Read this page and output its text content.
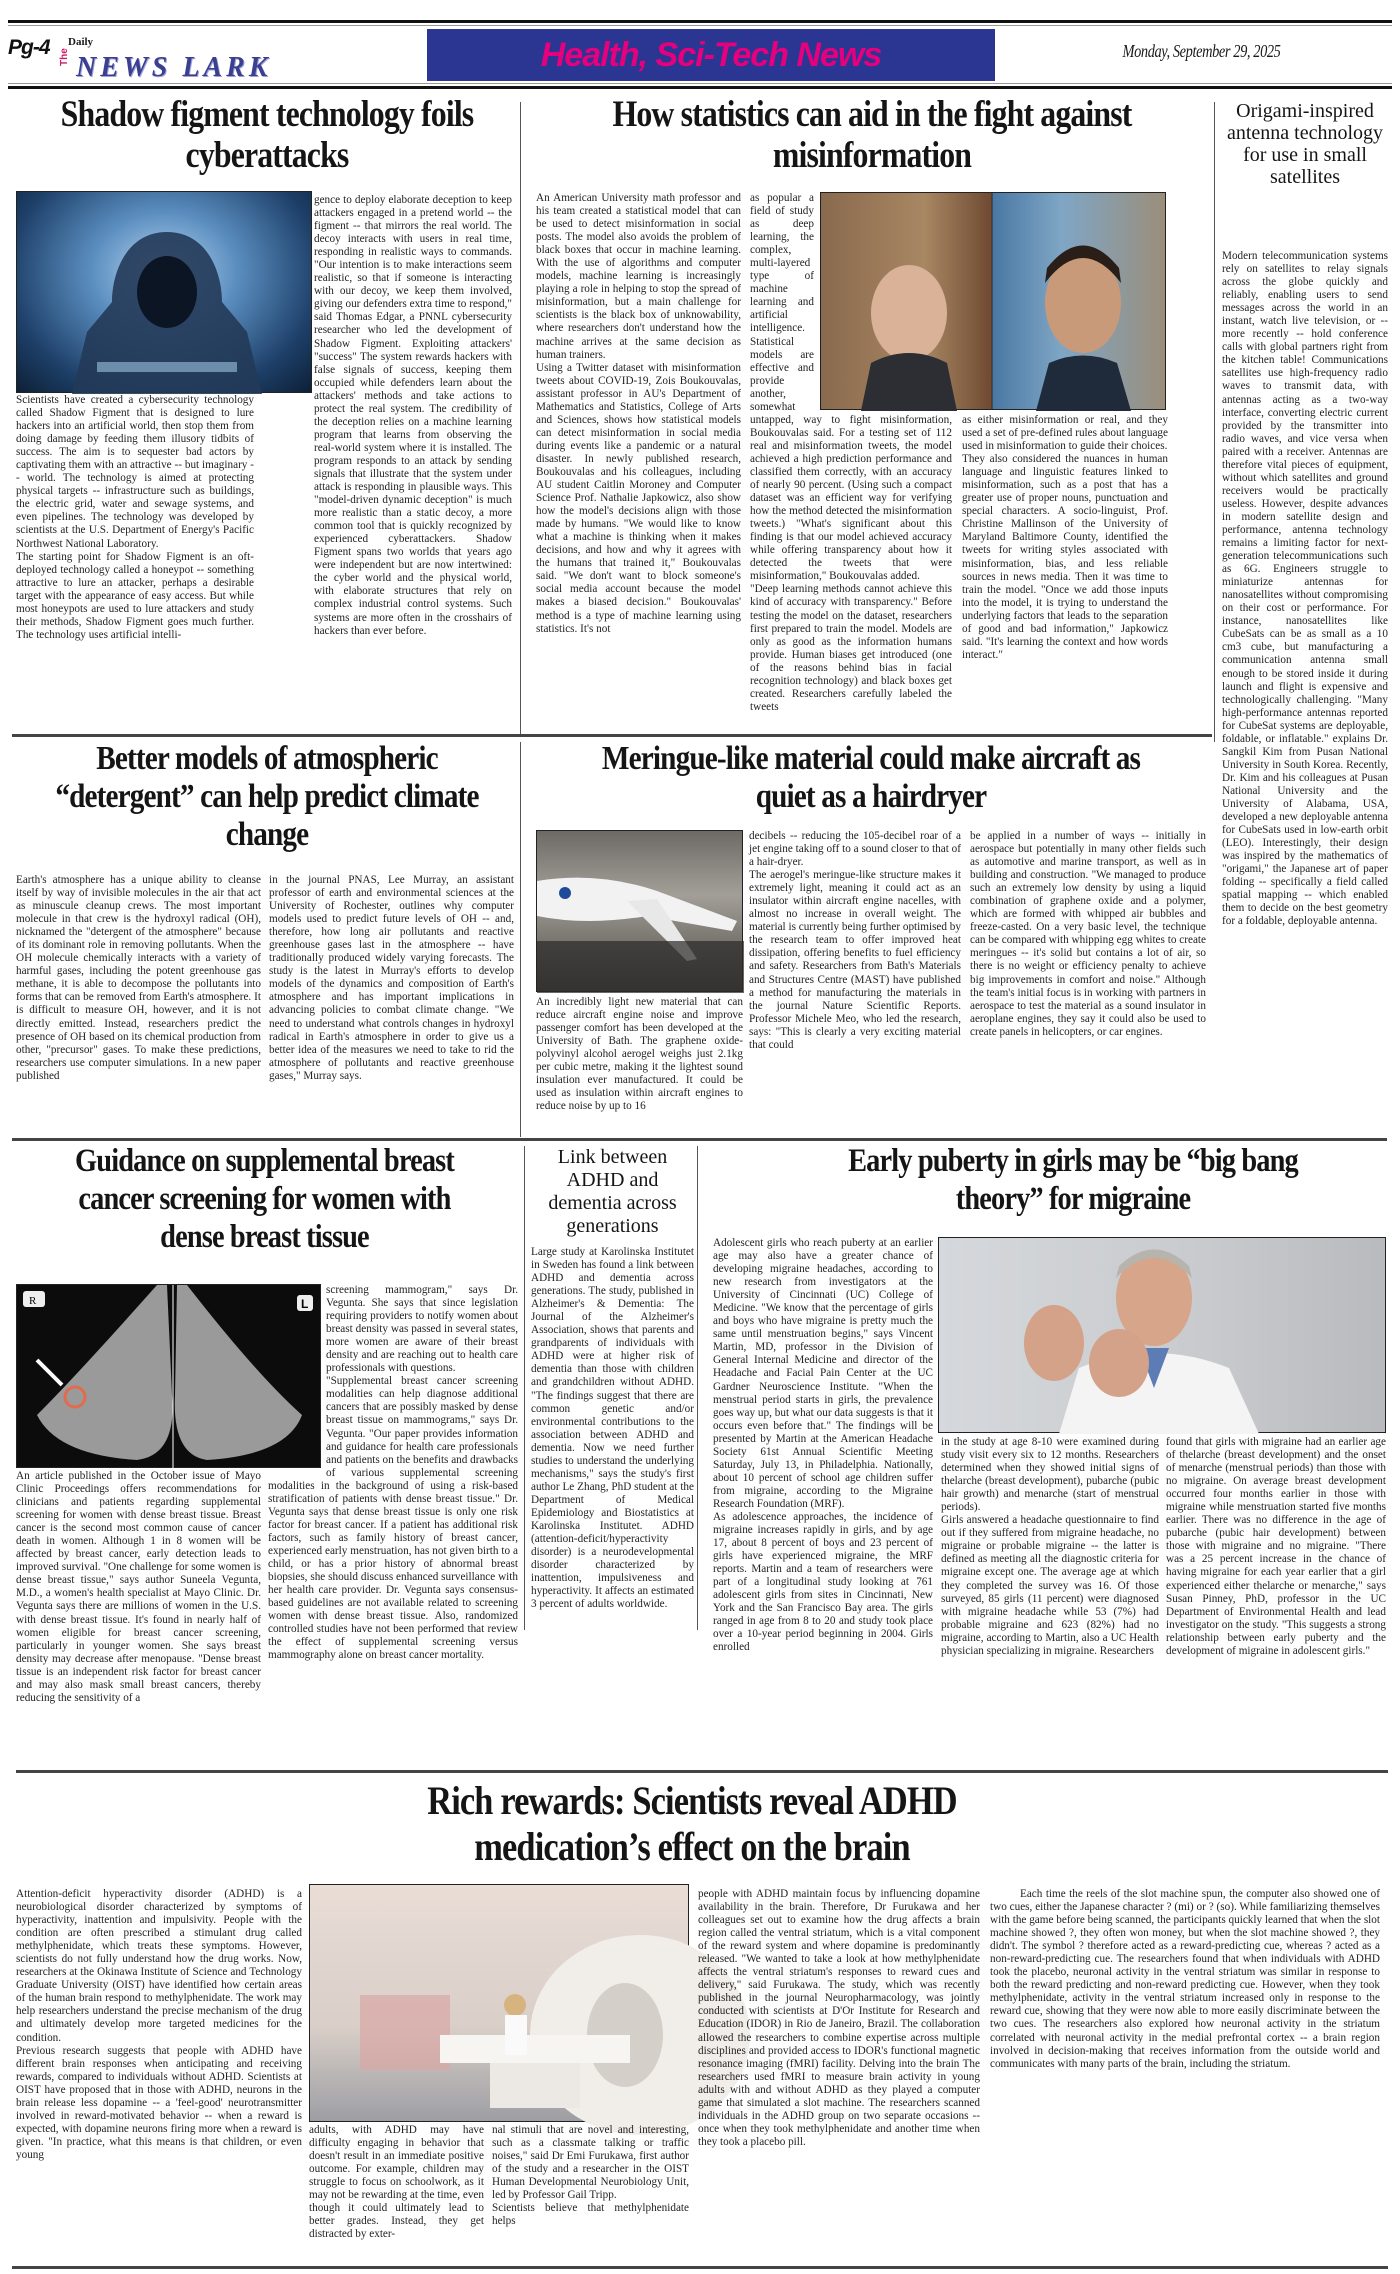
Pg-4 Daily
The NEWS LARK	Health, Sci-Tech News	Monday, September 29, 2025
Shadow figment technology foils cyberattacks

Scientists have created a cybersecurity technology called Shadow Figment that is designed to lure hackers into an artificial world, then stop them from doing damage by feeding them illusory tidbits of success. The aim is to sequester bad actors by captivating them with an attractive -- but imaginary -- world. The technology is aimed at protecting physical targets -- infrastructure such as buildings, the electric grid, water and sewage systems, and even pipelines. The technology was developed by scientists at the U.S. Department of Energy's Pacific Northwest National Laboratory.

The starting point for Shadow Figment is an oft-deployed technology called a honeypot -- something attractive to lure an attacker, perhaps a desirable target with the appearance of easy access. But while most honeypots are used to lure attackers and study their methods, Shadow Figment goes much further. The technology uses artificial intelli-

gence to deploy elaborate deception to keep attackers engaged in a pretend world -- the figment -- that mirrors the real world. The decoy interacts with users in real time, responding in realistic ways to commands. "Our intention is to make interactions seem realistic, so that if someone is interacting with our decoy, we keep them involved, giving our defenders extra time to respond," said Thomas Edgar, a PNNL cybersecurity researcher who led the development of Shadow Figment. Exploiting attackers' "success" The system rewards hackers with false signals of success, keeping them occupied while defenders learn about the attackers' methods and take actions to protect the real system. The credibility of the deception relies on a machine learning program that learns from observing the real-world system where it is installed. The program responds to an attack by sending signals that illustrate that the system under attack is responding in plausible ways. This "model-driven dynamic deception" is much more realistic than a static decoy, a more common tool that is quickly recognized by experienced cyberattackers. Shadow Figment spans two worlds that years ago were independent but are now intertwined: the cyber world and the physical world, with elaborate structures that rely on complex industrial control systems. Such systems are more often in the crosshairs of hackers than ever before.

How statistics can aid in the fight against misinformation

An American University math professor and his team created a statistical model that can be used to detect misinformation in social posts. The model also avoids the problem of black boxes that occur in machine learning. With the use of algorithms and computer models, machine learning is increasingly playing a role in helping to stop the spread of misinformation, but a main challenge for scientists is the black box of unknowability, where researchers don't understand how the machine arrives at the same decision as human trainers.

Using a Twitter dataset with misinformation tweets about COVID-19, Zois Boukouvalas, assistant professor in AU's Department of Mathematics and Statistics, College of Arts and Sciences, shows how statistical models can detect misinformation in social media during events like a pandemic or a natural disaster. In newly published research, Boukouvalas and his colleagues, including AU student Caitlin Moroney and Computer Science Prof. Nathalie Japkowicz, also show how the model's decisions align with those made by humans. "We would like to know what a machine is thinking when it makes decisions, and how and why it agrees with the humans that trained it," Boukouvalas said. "We don't want to block someone's social media account because the model makes a biased decision." Boukouvalas' method is a type of machine learning using statistics. It's not

as popular a field of study as deep learning, the complex, multi-layered type of machine learning and artificial intelligence. Statistical models are effective and provide another, somewhat untapped, way to fight misinformation, Boukouvalas said. For a testing set of 112 real and misinformation tweets, the model achieved a high prediction performance and classified them correctly, with an accuracy of nearly 90 percent. (Using such a compact dataset was an efficient way for verifying how the method detected the misinformation tweets.) "What's significant about this finding is that our model achieved accuracy while offering transparency about how it detected the tweets that were misinformation," Boukouvalas added.

"Deep learning methods cannot achieve this kind of accuracy with transparency." Before testing the model on the dataset, researchers first prepared to train the model. Models are only as good as the information humans provide. Human biases get introduced (one of the reasons behind bias in facial recognition technology) and black boxes get created. Researchers carefully labeled the tweets

as either misinformation or real, and they used a set of pre-defined rules about language used in misinformation to guide their choices.

They also considered the nuances in human language and linguistic features linked to misinformation, such as a post that has a greater use of proper nouns, punctuation and special characters. A socio-linguist, Prof. Christine Mallinson of the University of Maryland Baltimore County, identified the tweets for writing styles associated with misinformation, bias, and less reliable sources in news media. Then it was time to train the model. "Once we add those inputs into the model, it is trying to understand the underlying factors that leads to the separation of good and bad information," Japkowicz said. "It's learning the context and how words interact."

Origami-inspired antenna technology for use in small satellites

Modern telecommunication systems rely on satellites to relay signals across the globe quickly and reliably, enabling users to send messages across the world in an instant, watch live television, or -- more recently -- hold conference calls with global partners right from the kitchen table! Communications satellites use high-frequency radio waves to transmit data, with antennas acting as a two-way interface, converting electric current provided by the transmitter into radio waves, and vice versa when paired with a receiver. Antennas are therefore vital pieces of equipment, without which satellites and ground receivers would be practically useless. However, despite advances in modern satellite design and performance, antenna technology remains a limiting factor for next-generation telecommunications such as 6G. Engineers struggle to miniaturize antennas for nanosatellites without compromising on their cost or performance. For instance, nanosatellites like CubeSats can be as small as a 10 cm3 cube, but manufacturing a communication antenna small enough to be stored inside it during launch and flight is expensive and technologically challenging. "Many high-performance antennas reported for CubeSat systems are deployable, foldable, or inflatable." explains Dr. Sangkil Kim from Pusan National University in South Korea. Recently, Dr. Kim and his colleagues at Pusan National University and the University of Alabama, USA, developed a new deployable antenna for CubeSats used in low-earth orbit (LEO). Interestingly, their design was inspired by the mathematics of "origami," the Japanese art of paper folding -- specifically a field called spatial mapping -- which enabled them to decide on the best geometry for a foldable, deployable antenna.

Better models of atmospheric “detergent” can help predict climate change

Earth's atmosphere has a unique ability to cleanse itself by way of invisible molecules in the air that act as minuscule cleanup crews. The most important molecule in that crew is the hydroxyl radical (OH), nicknamed the "detergent of the atmosphere" because of its dominant role in removing pollutants. When the OH molecule chemically interacts with a variety of harmful gases, including the potent greenhouse gas methane, it is able to decompose the pollutants into forms that can be removed from Earth's atmosphere. It is difficult to measure OH, however, and it is not directly emitted. Instead, researchers predict the presence of OH based on its chemical production from other, "precursor" gases. To make these predictions, researchers use computer simulations. In a new paper published

in the journal PNAS, Lee Murray, an assistant professor of earth and environmental sciences at the University of Rochester, outlines why computer models used to predict future levels of OH -- and, therefore, how long air pollutants and reactive greenhouse gases last in the atmosphere -- have traditionally produced widely varying forecasts. The study is the latest in Murray's efforts to develop models of the dynamics and composition of Earth's atmosphere and has important implications in advancing policies to combat climate change. "We need to understand what controls changes in hydroxyl radical in Earth's atmosphere in order to give us a better idea of the measures we need to take to rid the atmosphere of pollutants and reactive greenhouse gases," Murray says.

Meringue-like material could make aircraft as quiet as a hairdryer

An incredibly light new material that can reduce aircraft engine noise and improve passenger comfort has been developed at the University of Bath. The graphene oxide-polyvinyl alcohol aerogel weighs just 2.1kg per cubic metre, making it the lightest sound insulation ever manufactured. It could be used as insulation within aircraft engines to reduce noise by up to 16

decibels -- reducing the 105-decibel roar of a jet engine taking off to a sound closer to that of a hair-dryer.

The aerogel's meringue-like structure makes it extremely light, meaning it could act as an insulator within aircraft engine nacelles, with almost no increase in overall weight. The material is currently being further optimised by the research team to offer improved heat dissipation, offering benefits to fuel efficiency and safety. Researchers from Bath's Materials and Structures Centre (MAST) have published a method for manufacturing the materials in the journal Nature Scientific Reports. Professor Michele Meo, who led the research, says: "This is clearly a very exciting material that could

be applied in a number of ways -- initially in aerospace but potentially in many other fields such as automotive and marine transport, as well as in building and construction. "We managed to produce such an extremely low density by using a liquid combination of graphene oxide and a polymer, which are formed with whipped air bubbles and freeze-casted. On a very basic level, the technique can be compared with whipping egg whites to create meringues -- it's solid but contains a lot of air, so there is no weight or efficiency penalty to achieve big improvements in comfort and noise." Although the team's initial focus is in working with partners in aerospace to test the material as a sound insulator in aeroplane engines, they say it could also be used to create panels in helicopters, or car engines.

Guidance on supplemental breast cancer screening for women with dense breast tissue
R	L

An article published in the October issue of Mayo Clinic Proceedings offers recommendations for clinicians and patients regarding supplemental screening for women with dense breast tissue. Breast cancer is the second most common cause of cancer death in women. Although 1 in 8 women will be affected by breast cancer, early detection leads to improved survival. "One challenge for some women is dense breast tissue," says author Suneela Vegunta, M.D., a women's health specialist at Mayo Clinic. Dr. Vegunta says there are millions of women in the U.S. with dense breast tissue. It's found in nearly half of women eligible for breast cancer screening, particularly in younger women. She says breast density may decrease after menopause. "Dense breast tissue is an independent risk factor for breast cancer and may also mask small breast cancers, thereby reducing the sensitivity of a

screening mammogram," says Dr. Vegunta. She says that since legislation requiring providers to notify women about breast density was passed in several states, more women are aware of their breast density and are reaching out to health care professionals with questions.

"Supplemental breast cancer screening modalities can help diagnose additional cancers that are possibly masked by dense breast tissue on mammograms," says Dr. Vegunta. "Our paper provides information and guidance for health care professionals and patients on the benefits and drawbacks of various supplemental screening modalities in the background of using a risk-based stratification of patients with dense breast tissue." Dr. Vegunta says that dense breast tissue is only one risk factor for breast cancer. If a patient has additional risk factors, such as family history of breast cancer, experienced early menstruation, has not given birth to a child, or has a prior history of abnormal breast biopsies, she should discuss enhanced surveillance with her health care provider. Dr. Vegunta says consensus-based guidelines are not available related to screening women with dense breast tissue. Also, randomized controlled studies have not been performed that review the effect of supplemental screening versus mammography alone on breast cancer mortality.

Link between ADHD and dementia across generations

Large study at Karolinska Institutet in Sweden has found a link between ADHD and dementia across generations. The study, published in Alzheimer's & Dementia: The Journal of the Alzheimer's Association, shows that parents and grandparents of individuals with ADHD were at higher risk of dementia than those with children and grandchildren without ADHD. "The findings suggest that there are common genetic and/or environmental contributions to the association between ADHD and dementia. Now we need further studies to understand the underlying mechanisms," says the study's first author Le Zhang, PhD student at the Department of Medical Epidemiology and Biostatistics at Karolinska Institutet. ADHD (attention-deficit/hyperactivity disorder) is a neurodevelopmental disorder characterized by inattention, impulsiveness and hyperactivity. It affects an estimated 3 percent of adults worldwide.

Early puberty in girls may be “big bang theory” for migraine

Adolescent girls who reach puberty at an earlier age may also have a greater chance of developing migraine headaches, according to new research from investigators at the University of Cincinnati (UC) College of Medicine. "We know that the percentage of girls and boys who have migraine is pretty much the same until menstruation begins," says Vincent Martin, MD, professor in the Division of General Internal Medicine and director of the Headache and Facial Pain Center at the UC Gardner Neuroscience Institute. "When the menstrual period starts in girls, the prevalence goes way up, but what our data suggests is that it occurs even before that." The findings will be presented by Martin at the American Headache Society 61st Annual Scientific Meeting Saturday, July 13, in Philadelphia. Nationally, about 10 percent of school age children suffer from migraine, according to the Migraine Research Foundation (MRF).

As adolescence approaches, the incidence of migraine increases rapidly in girls, and by age 17, about 8 percent of boys and 23 percent of girls have experienced migraine, the MRF reports. Martin and a team of researchers were part of a longitudinal study looking at 761 adolescent girls from sites in Cincinnati, New York and the San Francisco Bay area. The girls ranged in age from 8 to 20 and study took place over a 10-year period beginning in 2004. Girls enrolled

in the study at age 8-10 were examined during study visit every six to 12 months. Researchers determined when they showed initial signs of thelarche (breast development), pubarche (pubic hair growth) and menarche (start of menstrual periods).

Girls answered a headache questionnaire to find out if they suffered from migraine headache, no migraine or probable migraine -- the latter is defined as meeting all the diagnostic criteria for migraine except one. The average age at which they completed the survey was 16. Of those surveyed, 85 girls (11 percent) were diagnosed with migraine headache while 53 (7%) had probable migraine and 623 (82%) had no migraine, according to Martin, also a UC Health physician specializing in migraine. Researchers

found that girls with migraine had an earlier age of thelarche (breast development) and the onset of menarche (menstrual periods) than those with no migraine. On average breast development occurred four months earlier in those with migraine while menstruation started five months earlier. There was no difference in the age of pubarche (pubic hair development) between those with migraine and no migraine. "There was a 25 percent increase in the chance of having migraine for each year earlier that a girl experienced either thelarche or menarche," says Susan Pinney, PhD, professor in the UC Department of Environmental Health and lead investigator on the study. "This suggests a strong relationship between early puberty and the development of migraine in adolescent girls."

Rich rewards: Scientists reveal ADHD medication’s effect on the brain

Attention-deficit hyperactivity disorder (ADHD) is a neurobiological disorder characterized by symptoms of hyperactivity, inattention and impulsivity. People with the condition are often prescribed a stimulant drug called methylphenidate, which treats these symptoms. However, scientists do not fully understand how the drug works. Now, researchers at the Okinawa Institute of Science and Technology Graduate University (OIST) have identified how certain areas of the human brain respond to methylphenidate. The work may help researchers understand the precise mechanism of the drug and ultimately develop more targeted medicines for the condition.

Previous research suggests that people with ADHD have different brain responses when anticipating and receiving rewards, compared to individuals without ADHD. Scientists at OIST have proposed that in those with ADHD, neurons in the brain release less dopamine -- a 'feel-good' neurotransmitter involved in reward-motivated behavior -- when a reward is expected, with dopamine neurons firing more when a reward is given. "In practice, what this means is that children, or even young

adults, with ADHD may have difficulty engaging in behavior that doesn't result in an immediate positive outcome. For example, children may struggle to focus on schoolwork, as it may not be rewarding at the time, even though it could ultimately lead to better grades. Instead, they get distracted by exter-

nal stimuli that are novel and interesting, such as a classmate talking or traffic noises," said Dr Emi Furukawa, first author of the study and a researcher in the OIST Human Developmental Neurobiology Unit, led by Professor Gail Tripp.

Scientists believe that methylphenidate helps

people with ADHD maintain focus by influencing dopamine availability in the brain. Therefore, Dr Furukawa and her colleagues set out to examine how the drug affects a brain region called the ventral striatum, which is a vital component of the reward system and where dopamine is predominantly released. "We wanted to take a look at how methylphenidate affects the ventral striatum's responses to reward cues and delivery," said Furukawa. The study, which was recently published in the journal Neuropharmacology, was jointly conducted with scientists at D'Or Institute for Research and Education (IDOR) in Rio de Janeiro, Brazil. The collaboration allowed the researchers to combine expertise across multiple disciplines and provided access to IDOR's functional magnetic resonance imaging (fMRI) facility. Delving into the brain The researchers used fMRI to measure brain activity in young adults with and without ADHD as they played a computer game that simulated a slot machine. The researchers scanned individuals in the ADHD group on two separate occasions -- once when they took methylphenidate and another time when they took a placebo pill.

Each time the reels of the slot machine spun, the computer also showed one of two cues, either the Japanese character ? (mi) or ? (so). While familiarizing themselves with the game before being scanned, the participants quickly learned that when the slot machine showed ?, they often won money, but when the slot machine showed ?, they didn't. The symbol ? therefore acted as a reward-predicting cue, whereas ? acted as a non-reward-predicting cue. The researchers found that when individuals with ADHD took the placebo, neuronal activity in the ventral striatum was similar in response to both the reward predicting and non-reward predicting cue. However, when they took methylphenidate, activity in the ventral striatum increased only in response to the reward cue, showing that they were now able to more easily discriminate between the two cues. The researchers also explored how neuronal activity in the striatum correlated with neuronal activity in the medial prefrontal cortex -- a brain region involved in decision-making that receives information from the outside world and communicates with many parts of the brain, including the striatum.
